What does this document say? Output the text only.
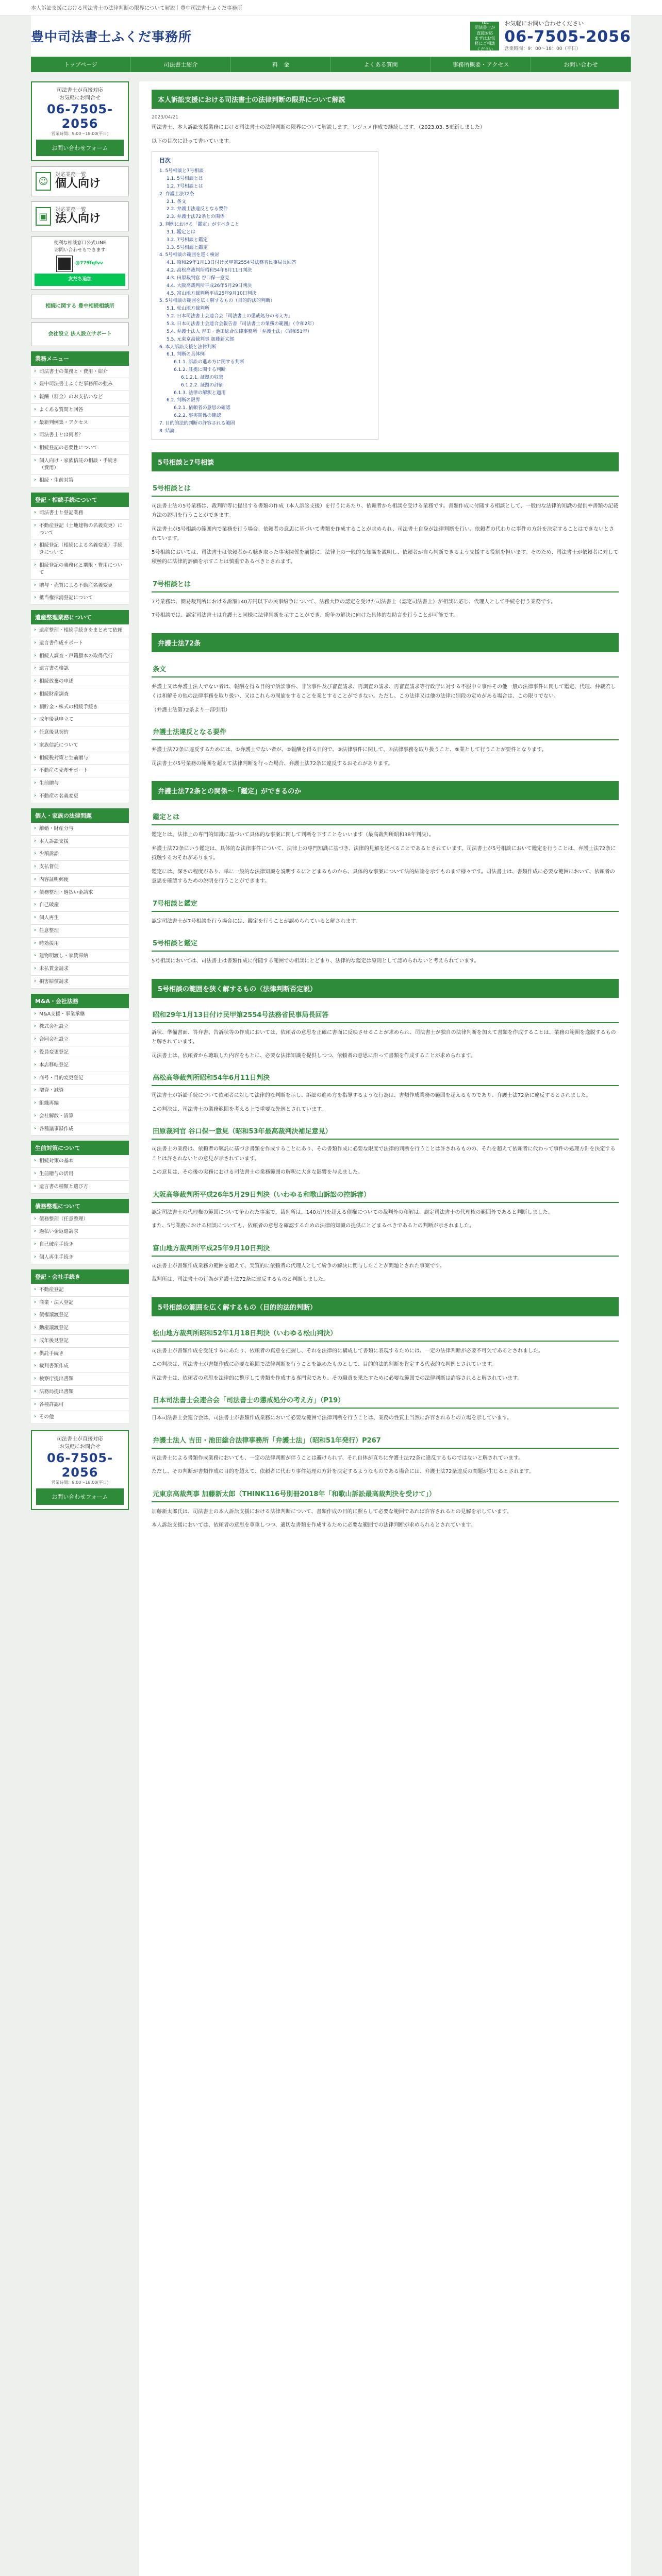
本人訴訟支援における司法書士の法律判断の限界について解説｜豊中司法書士ふくだ事務所
豊中司法書士ふくだ事務所
TEL
司法書士が
直接対応
まずはお気
軽にご相談
ください
お気軽にお問い合わせください
06-7505-2056
営業時間：9：00～18：00（平日）
トップページ	司法書士紹介	料　金	よくある質問	事務所概要・アクセス	お問い合わせ
司法書士が直接対応
お気軽にお問合せ
06-7505-2056
営業時間：9:00〜18:00(平日)
お問い合わせフォーム
☺
対応業務一覧
個人向け
▣
対応業務一覧
法人向け
便利な相談窓口公式LINE
お問い合わせもできます
@779fqfvv
友だち追加
相続に関する 豊中相続相談所
会社設立 法人設立サポート
業務メニュー
› 司法書士の業務と・費用・紹介
› 豊中司法書士ふくだ事務所の強み
› 報酬（料金）のお支払いなど
› よくある質問と回答
› 最新判例集・アクセス
› 司法書士とは何者？
› 相続登記の必要性について
› 個人向け・家族信託の相談・手続き（費用）
› 相続・生前対策
登記・相続手続について
› 司法書士と登記業務
› 不動産登記（土地建物の名義変更）について
› 相続登記（相続による名義変更）手続きについて
› 相続登記の義務化と期限・費用について
› 贈与・売買による不動産名義変更
› 抵当権抹消登記について
遺産整理業務について
› 遺産整理・相続手続きをまとめて依頼
› 遺言書作成サポート
› 相続人調査・戸籍謄本の取得代行
› 遺言書の検認
› 相続放棄の申述
› 相続財産調査
› 預貯金・株式の相続手続き
› 成年後見申立て
› 任意後見契約
› 家族信託について
› 相続税対策と生前贈与
› 不動産の売却サポート
› 生前贈与
› 不動産の名義変更
個人・家族の法律問題
› 離婚・財産分与
› 本人訴訟支援
› 少額訴訟
› 支払督促
› 内容証明郵便
› 債務整理・過払い金請求
› 自己破産
› 個人再生
› 任意整理
› 時効援用
› 建物明渡し・家賃滞納
› 未払賃金請求
› 損害賠償請求
M&A・会社法務
› M&A支援・事業承継
› 株式会社設立
› 合同会社設立
› 役員変更登記
› 本店移転登記
› 商号・目的変更登記
› 増資・減資
› 組織再編
› 会社解散・清算
› 各種議事録作成
生前対策について
› 相続対策の基本
› 生前贈与の活用
› 遺言書の種類と選び方
債務整理について
› 債務整理（任意整理）
› 過払い金返還請求
› 自己破産手続き
› 個人再生手続き
登記・会社手続き
› 不動産登記
› 商業・法人登記
› 債権譲渡登記
› 動産譲渡登記
› 成年後見登記
› 供託手続き
› 裁判書類作成
› 検察庁提出書類
› 法務局提出書類
› 各種許認可
› その他
司法書士が直接対応
お気軽にお問合せ
06-7505-2056
営業時間：9:00〜18:00(平日)
お問い合わせフォーム
本人訴訟支援における司法書士の法律判断の限界について解説
2023/04/21

司法書士、本人訴訟支援業務における司法書士の法律判断の限界について解説します。レジュメ作成で継続します。（2023.03. 5更新しました）

以下の目次に沿って書いています。

目次
1. 5号相談と7号相談
1.1. 5号相談とは
1.2. 7号相談とは
2. 弁護士法72条
2.1. 条文
2.2. 弁護士法違反となる要件
2.3. 弁護士法72条との関係
3. 判例における「鑑定」がすべきこと
3.1. 鑑定とは
3.2. 7号相談と鑑定
3.3. 5号相談と鑑定
4. 5号相談の範囲を巡く検討
4.1. 昭和29年1月13日付け民甲第2554号法務省民事局長回答
4.2. 高松高裁判所昭和54年6月11日判決
4.3. 田原裁判官 谷口保一意見
4.4. 大阪高裁判所平成26年5月29日判決
4.5. 富山地方裁判所平成25年9月10日判決
5. 5号相談の範囲を広く解するもの（目的的法的判断）
5.1. 松山地方裁判所
5.2. 日本司法書士会連合会「司法書士の懲戒処分の考え方」
5.3. 日本司法書士会連合会報告書『司法書士の業務の範囲』（令和2年）
5.4. 弁護士法人 吉田・池田総合法律事務所「弁護士法」（昭和51年）
5.5. 元東京高裁判事 加藤新太郎
6. 本人訴訟支援と法律判断
6.1. 判断の具体例
6.1.1. 訴訟の進め方に関する判断
6.1.2. 証拠に関する判断
6.1.2.1. 証拠の収集
6.1.2.2. 証拠の評価
6.1.3. 法律の解釈と適用
6.2. 判断の限界
6.2.1. 依頼者の意思の確認
6.2.2. 事実関係の確認
7. 目的的法的判断の許容される範囲
8. 結論
5号相談と7号相談
5号相談とは

司法書士法の5号業務は、裁判所等に提出する書類の作成（本人訴訟支援）を行うにあたり、依頼者から相談を受ける業務です。書類作成に付随する相談として、一般的な法律的知識の提供や書類の記載方法の説明を行うことができます。

司法書士が5号相談の範囲内で業務を行う場合、依頼者の意思に基づいて書類を作成することが求められ、司法書士自身が法律判断を行い、依頼者の代わりに事件の方針を決定することはできないとされています。

5号相談においては、司法書士は依頼者から聴き取った事実関係を前提に、法律上の一般的な知識を説明し、依頼者が自ら判断できるよう支援する役割を担います。そのため、司法書士が依頼者に対して積極的に法律的評価を示すことは慎重であるべきとされます。

7号相談とは

7号業務は、簡易裁判所における訴額140万円以下の民事紛争について、法務大臣の認定を受けた司法書士（認定司法書士）が相談に応じ、代理人として手続を行う業務です。

7号相談では、認定司法書士は弁護士と同様に法律判断を示すことができ、紛争の解決に向けた具体的な助言を行うことが可能です。

弁護士法72条
条文

弁護士又は弁護士法人でない者は、報酬を得る目的で訴訟事件、非訟事件及び審査請求、再調査の請求、再審査請求等行政庁に対する不服申立事件その他一般の法律事件に関して鑑定、代理、仲裁若しくは和解その他の法律事務を取り扱い、又はこれらの周旋をすることを業とすることができない。ただし、この法律又は他の法律に別段の定めがある場合は、この限りでない。

（弁護士法第72条より一部引用）

弁護士法違反となる要件

弁護士法72条に違反するためには、①弁護士でない者が、②報酬を得る目的で、③法律事件に関して、④法律事務を取り扱うこと、⑤業として行うことが要件となります。

司法書士が5号業務の範囲を超えて法律判断を行った場合、弁護士法72条に違反するおそれがあります。

弁護士法72条との関係～「鑑定」ができるのか
鑑定とは

鑑定とは、法律上の専門的知識に基づいて具体的な事案に関して判断を下すことをいいます（最高裁判所昭和38年判決）。

弁護士法72条にいう鑑定は、具体的な法律事件について、法律上の専門知識に基づき、法律的見解を述べることであるとされています。司法書士が5号相談において鑑定を行うことは、弁護士法72条に抵触するおそれがあります。

鑑定には、深さの程度があり、単に一般的な法律知識を説明するにとどまるものから、具体的な事案について法的結論を示すものまで様々です。司法書士は、書類作成に必要な範囲において、依頼者の意思を確認するための説明を行うことができます。

7号相談と鑑定

認定司法書士が7号相談を行う場合には、鑑定を行うことが認められていると解されます。

5号相談と鑑定

5号相談においては、司法書士は書類作成に付随する範囲での相談にとどまり、法律的な鑑定は原則として認められないと考えられています。

5号相談の範囲を狭く解するもの（法律判断否定説）
昭和29年1月13日付け民甲第2554号法務省民事局長回答

訴状、準備書面、答弁書、告訴状等の作成においては、依頼者の意思を正確に書面に反映させることが求められ、司法書士が独自の法律判断を加えて書類を作成することは、業務の範囲を逸脱するものと解されています。

司法書士は、依頼者から聴取した内容をもとに、必要な法律知識を提供しつつ、依頼者の意思に沿って書類を作成することが求められます。

高松高等裁判所昭和54年6月11日判決

司法書士が訴訟手続について依頼者に対して法律的な判断を示し、訴訟の進め方を指導するような行為は、書類作成業務の範囲を超えるものであり、弁護士法72条に違反するとされました。

この判決は、司法書士の業務範囲を考える上で重要な先例とされています。

田原裁判官 谷口保一意見（昭和53年最高裁判決補足意見）

司法書士の業務は、依頼者の嘱託に基づき書類を作成することにあり、その書類作成に必要な限度で法律的判断を行うことは許されるものの、それを超えて依頼者に代わって事件の処理方針を決定することは許されないとの意見が示されています。

この意見は、その後の実務における司法書士の業務範囲の解釈に大きな影響を与えました。

大阪高等裁判所平成26年5月29日判決（いわゆる和歌山訴訟の控訴審）

認定司法書士の代理権の範囲について争われた事案で、裁判所は、140万円を超える債権についての裁判外の和解は、認定司法書士の代理権の範囲外であると判断しました。

また、5号業務における相談についても、依頼者の意思を確認するための法律的知識の提供にとどまるべきであるとの判断が示されました。

富山地方裁判所平成25年9月10日判決

司法書士が書類作成業務の範囲を超えて、実質的に依頼者の代理人として紛争の解決に関与したことが問題とされた事案です。

裁判所は、司法書士の行為が弁護士法72条に違反するものと判断しました。

5号相談の範囲を広く解するもの（目的的法的判断）
松山地方裁判所昭和52年1月18日判決（いわゆる松山判決）

司法書士が書類作成を受託するにあたり、依頼者の真意を把握し、それを法律的に構成して書類に表現するためには、一定の法律判断が必要不可欠であるとされました。

この判決は、司法書士が書類作成に必要な範囲で法律判断を行うことを認めたものとして、目的的法的判断を肯定する代表的な判例とされています。

司法書士は、依頼者の意思を法律的に整序して書類を作成する専門家であり、その職責を果たすために必要な範囲での法律判断は許容されると解されています。

日本司法書士会連合会「司法書士の懲戒処分の考え方」（P19）

日本司法書士会連合会は、司法書士が書類作成業務において必要な範囲で法律判断を行うことは、業務の性質上当然に許容されるとの立場を示しています。

弁護士法人 吉田・池田総合法律事務所「弁護士法」（昭和51年発行）P267

司法書士による書類作成業務においても、一定の法律判断が伴うことは避けられず、それ自体が直ちに弁護士法72条に違反するものではないと解されています。

ただし、その判断が書類作成の目的を超えて、依頼者に代わり事件処理の方針を決定するようなものである場合には、弁護士法72条違反の問題が生じるとされます。

元東京高裁判事 加藤新太郎（THINK116号別冊2018年「和歌山訴訟最高裁判決を受けて」）

加藤新太郎氏は、司法書士の本人訴訟支援における法律判断について、書類作成の目的に照らして必要な範囲であれば許容されるとの見解を示しています。

本人訴訟支援においては、依頼者の意思を尊重しつつ、適切な書類を作成するために必要な範囲での法律判断が求められるとされています。
